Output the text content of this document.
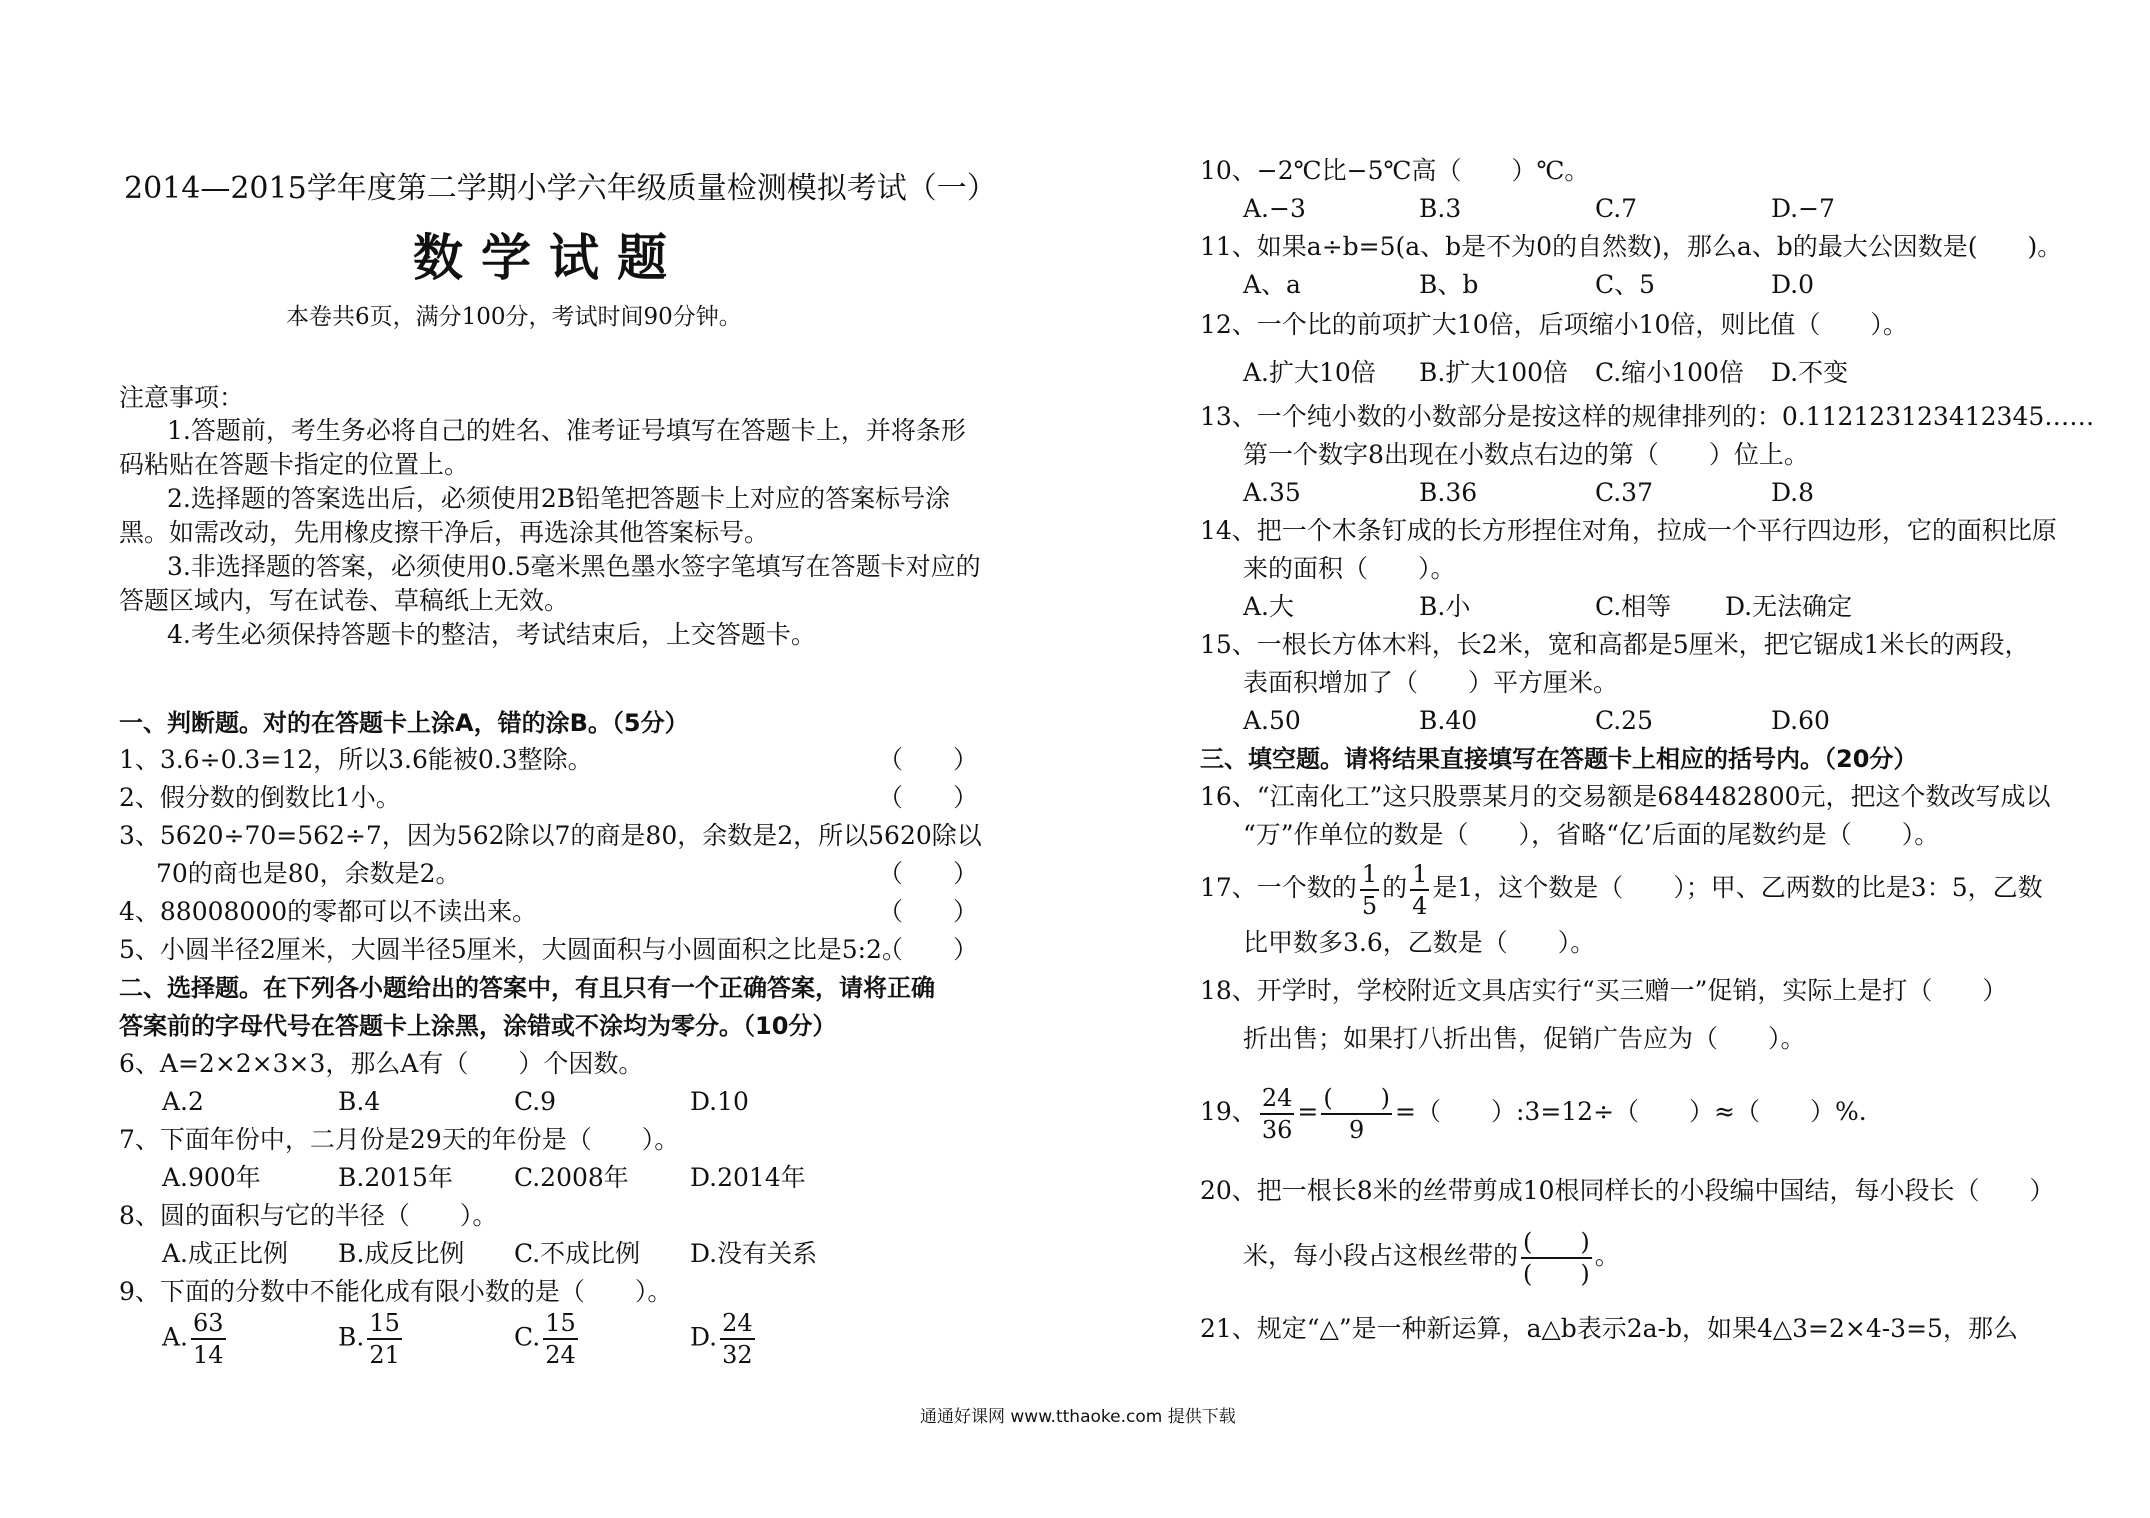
2014—2015学年度第二学期小学六年级质量检测模拟考试（一）
数学试题
本卷共6页，满分100分，考试时间90分钟。
注意事项：
1.答题前，考生务必将自己的姓名、准考证号填写在答题卡上，并将条形
码粘贴在答题卡指定的位置上。
2.选择题的答案选出后，必须使用2B铅笔把答题卡上对应的答案标号涂
黑。如需改动，先用橡皮擦干净后，再选涂其他答案标号。
3.非选择题的答案，必须使用0.5毫米黑色墨水签字笔填写在答题卡对应的
答题区域内，写在试卷、草稿纸上无效。
4.考生必须保持答题卡的整洁，考试结束后，上交答题卡。
一、判断题。对的在答题卡上涂A，错的涂B。（5分）
1、3.6÷0.3=12，所以3.6能被0.3整除。	（　　）
2、假分数的倒数比1小。	（　　）
3、5620÷70=562÷7，因为562除以7的商是80，余数是2，所以5620除以
70的商也是80，余数是2。	（　　）
4、88008000的零都可以不读出来。	（　　）
5、小圆半径2厘米，大圆半径5厘米，大圆面积与小圆面积之比是5:2。
（　　）
二、选择题。在下列各小题给出的答案中，有且只有一个正确答案，请将正确
答案前的字母代号在答题卡上涂黑，涂错或不涂均为零分。（10分）
6、A=2×2×3×3，那么A有（　　）个因数。
A.2	B.4	C.9	D.10
7、下面年份中，二月份是29天的年份是（　　）。
A.900年	B.2015年 C.2008年 D.2014年
8、圆的面积与它的半径（　　）。
A.成正比例 B.成反比例 C.不成比例 D.没有关系
9、下面的分数中不能化成有限小数的是（　　）。
A. $\frac{63}{14}$	B. $\frac{15}{21}$	C. $\frac{15}{24}$	D. $\frac{24}{32}$
10、−2℃比−5℃高（　　）℃。
A.−3	B.3	C.7	D.−7
11、如果a÷b=5(a、b是不为0的自然数)，那么a、b的最大公因数是(　　)。
A、a	B、b	C、5	D.0
12、一个比的前项扩大10倍，后项缩小10倍，则比值（　　）。
A.扩大10倍 B.扩大100倍 C.缩小100倍 D.不变
13、一个纯小数的小数部分是按这样的规律排列的：0.112123123412345……
第一个数字8出现在小数点右边的第（　　）位上。
A.35	B.36	C.37	D.8
14、把一个木条钉成的长方形捏住对角，拉成一个平行四边形，它的面积比原
来的面积（　　）。
A.大	B.小	C.相等 D.无法确定
15、一根长方体木料，长2米，宽和高都是5厘米，把它锯成1米长的两段，
表面积增加了（　　）平方厘米。
A.50	B.40	C.25	D.60
三、填空题。请将结果直接填写在答题卡上相应的括号内。（20分）
16、“江南化工”这只股票某月的交易额是684482800元，把这个数改写成以
“万”作单位的数是（　　），省略“亿’后面的尾数约是（　　）。
17、一个数的 $\frac{1}{5}$ 的 $\frac{1}{4}$ 是1，这个数是（　　）；甲、乙两数的比是3：5，乙数
比甲数多3.6，乙数是（　　）。
18、开学时，学校附近文具店实行“买三赠一”促销，实际上是打（　　）
折出售；如果打八折出售，促销广告应为（　　）。
19、 $\frac{24}{36} = \frac{( )}{9}$ =（　　）:3=12÷（　　）≈（　　）%.
20、把一根长8米的丝带剪成10根同样长的小段编中国结，每小段长（　　）
米，每小段占这根丝带的 $\frac{( )}{( )}$ 。
21、规定“△”是一种新运算，a△b表示2a-b，如果4△3=2×4-3=5，那么
通通好课网 www.tthaoke.com 提供下载
